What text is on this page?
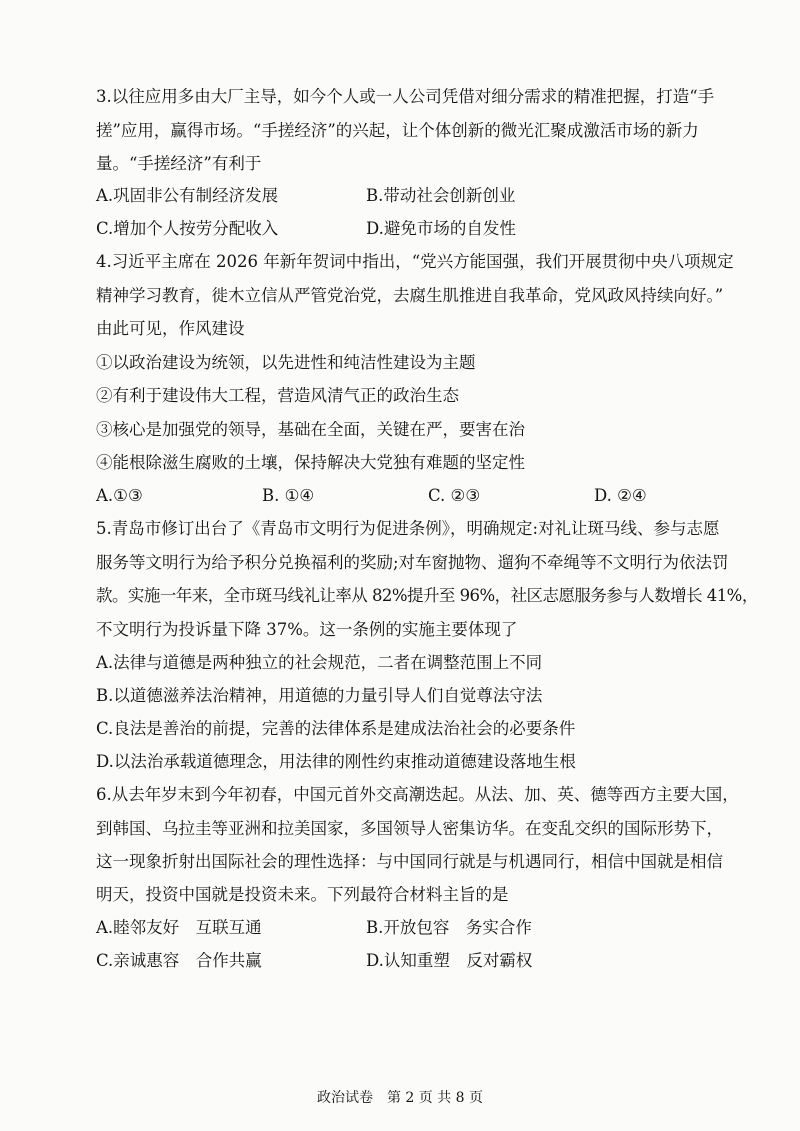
3.以往应用多由大厂主导，如今个人或一人公司凭借对细分需求的精准把握，打造“手
搓”应用，赢得市场。“手搓经济”的兴起，让个体创新的微光汇聚成激活市场的新力
量。“手搓经济”有利于
A.巩固非公有制经济发展	B.带动社会创新创业
C.增加个人按劳分配收入	D.避免市场的自发性
4.习近平主席在 2026 年新年贺词中指出，“党兴方能国强，我们开展贯彻中央八项规定
精神学习教育，徙木立信从严管党治党，去腐生肌推进自我革命，党风政风持续向好。”
由此可见，作风建设
①以政治建设为统领，以先进性和纯洁性建设为主题
②有利于建设伟大工程，营造风清气正的政治生态
③核心是加强党的领导，基础在全面，关键在严，要害在治
④能根除滋生腐败的土壤，保持解决大党独有难题的坚定性
A.①③	B. ①④	C. ②③	D. ②④
5.青岛市修订出台了《青岛市文明行为促进条例》，明确规定:对礼让斑马线、参与志愿
服务等文明行为给予积分兑换福利的奖励;对车窗抛物、遛狗不牵绳等不文明行为依法罚
款。实施一年来，全市斑马线礼让率从 82%提升至 96%，社区志愿服务参与人数增长 41%，
不文明行为投诉量下降 37%。这一条例的实施主要体现了
A.法律与道德是两种独立的社会规范，二者在调整范围上不同
B.以道德滋养法治精神，用道德的力量引导人们自觉尊法守法
C.良法是善治的前提，完善的法律体系是建成法治社会的必要条件
D.以法治承载道德理念，用法律的刚性约束推动道德建设落地生根
6.从去年岁末到今年初春，中国元首外交高潮迭起。从法、加、英、德等西方主要大国，
到韩国、乌拉圭等亚洲和拉美国家，多国领导人密集访华。在变乱交织的国际形势下，
这一现象折射出国际社会的理性选择：与中国同行就是与机遇同行，相信中国就是相信
明天，投资中国就是投资未来。下列最符合材料主旨的是
A.睦邻友好　互联互通	B.开放包容　务实合作
C.亲诚惠容　合作共赢	D.认知重塑　反对霸权
政治试卷　第 2 页 共 8 页
